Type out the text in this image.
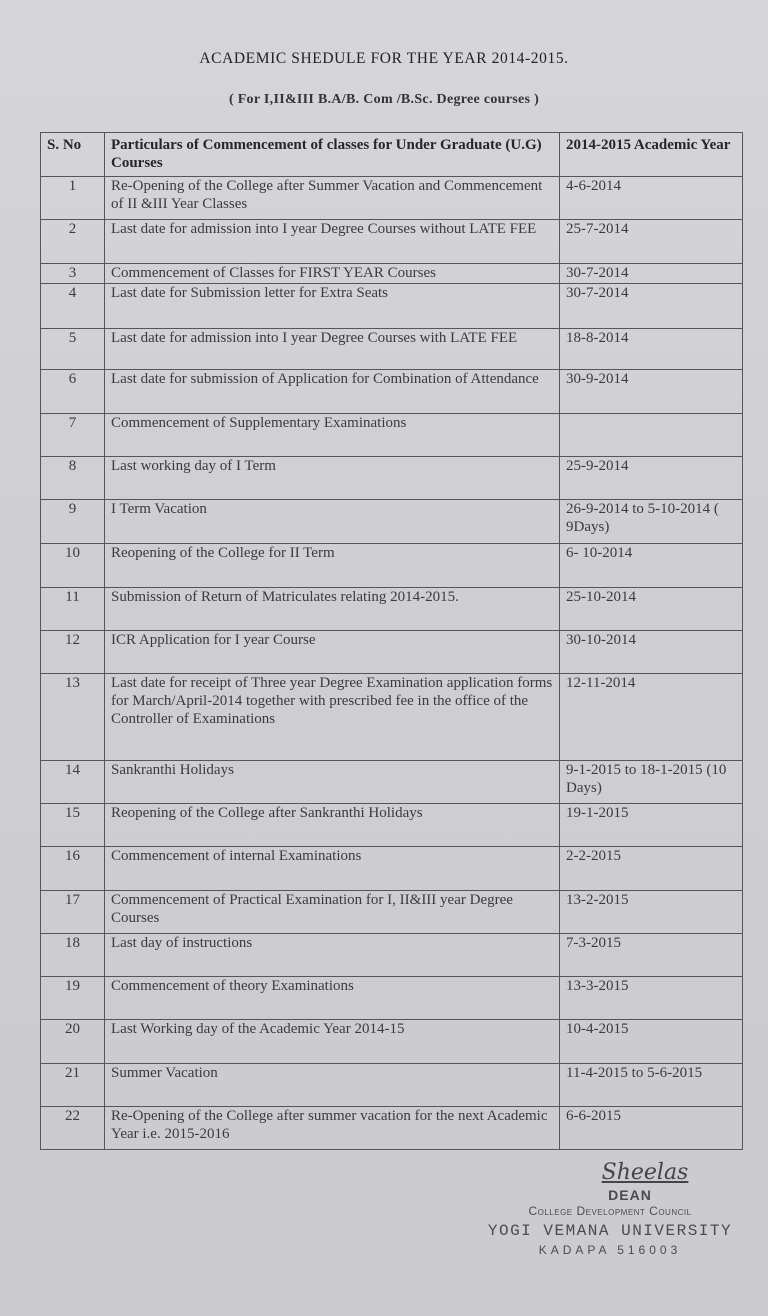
ACADEMIC SHEDULE FOR THE YEAR 2014-2015.
( For I,II&III B.A/B. Com /B.Sc. Degree courses )
S. No	Particulars of Commencement of classes for Under Graduate (U.G) Courses	2014-2015 Academic Year
1	Re-Opening of the College after Summer Vacation and Commencement of II &III Year Classes	4-6-2014
2	Last date for admission into I year Degree Courses without LATE FEE	25-7-2014
3	Commencement of Classes for FIRST YEAR Courses	30-7-2014
4	Last date for Submission letter for Extra Seats	30-7-2014
5	Last date for admission into I year Degree Courses with LATE FEE	18-8-2014
6	Last date for submission of Application for Combination of Attendance	30-9-2014
7	Commencement of Supplementary Examinations	
8	Last working day of I Term	25-9-2014
9	I Term Vacation	26-9-2014 to 5-10-2014 ( 9Days)
10	Reopening of the College for II Term	6- 10-2014
11	Submission of Return of Matriculates relating 2014-2015.	25-10-2014
12	ICR Application for I year Course	30-10-2014
13	Last date for receipt of Three year Degree Examination application forms for March/April-2014 together with prescribed fee in the office of the Controller of Examinations	12-11-2014
14	Sankranthi Holidays	9-1-2015 to 18-1-2015 (10 Days)
15	Reopening of the College after Sankranthi Holidays	19-1-2015
16	Commencement of internal Examinations	2-2-2015
17	Commencement of Practical Examination for I, II&III year Degree Courses	13-2-2015
18	Last day of instructions	7-3-2015
19	Commencement of theory Examinations	13-3-2015
20	Last Working day of the Academic Year 2014-15	10-4-2015
21	Summer Vacation	11-4-2015 to 5-6-2015
22	Re-Opening of the College after summer vacation for the next Academic Year i.e. 2015-2016	6-6-2015
Sheelas
DEAN
College Development Council
YOGI VEMANA UNIVERSITY
KADAPA 516003
